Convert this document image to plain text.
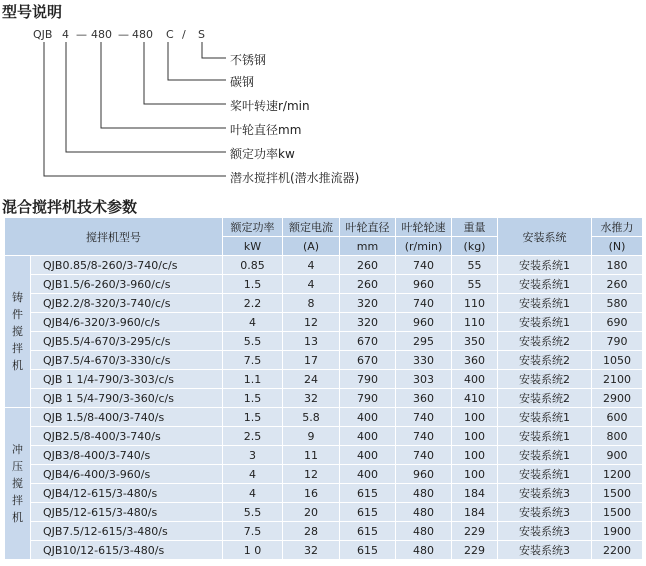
型号说明
QJB 4 — 480 — 480 C / S
不锈钢
碳钢
桨叶转速r/min
叶轮直径mm
额定功率kw
潜水搅拌机(潜水推流器)
混合搅拌机技术参数
搅拌机型号		额定功率	额定电流	叶轮直径	叶轮轮速	重量	安装系统	水推力
		kW	(A)	mm	(r/min)	(kg)		(N)
铸件搅拌机	QJB0.85/8-260/3-740/c/s	0.85	4	260	740	55	安装系统1	180
	QJB1.5/6-260/3-960/c/s	1.5	4	260	960	55	安装系统1	260
	QJB2.2/8-320/3-740/c/s	2.2	8	320	740	110	安装系统1	580
	QJB4/6-320/3-960/c/s	4	12	320	960	110	安装系统1	690
	QJB5.5/4-670/3-295/c/s	5.5	13	670	295	350	安装系统2	790
	QJB7.5/4-670/3-330/c/s	7.5	17	670	330	360	安装系统2	1050
	QJB 1 1/4-790/3-303/c/s	1.1	24	790	303	400	安装系统2	2100
	QJB 1 5/4-790/3-360/c/s	1.5	32	790	360	410	安装系统2	2900
冲压搅拌机	QJB 1.5/8-400/3-740/s	1.5	5.8	400	740	100	安装系统1	600
	QJB2.5/8-400/3-740/s	2.5	9	400	740	100	安装系统1	800
	QJB3/8-400/3-740/s	3	11	400	740	100	安装系统1	900
	QJB4/6-400/3-960/s	4	12	400	960	100	安装系统1	1200
	QJB4/12-615/3-480/s	4	16	615	480	184	安装系统3	1500
	QJB5/12-615/3-480/s	5.5	20	615	480	184	安装系统3	1500
	QJB7.5/12-615/3-480/s	7.5	28	615	480	229	安装系统3	1900
	QJB10/12-615/3-480/s	1 0	32	615	480	229	安装系统3	2200
